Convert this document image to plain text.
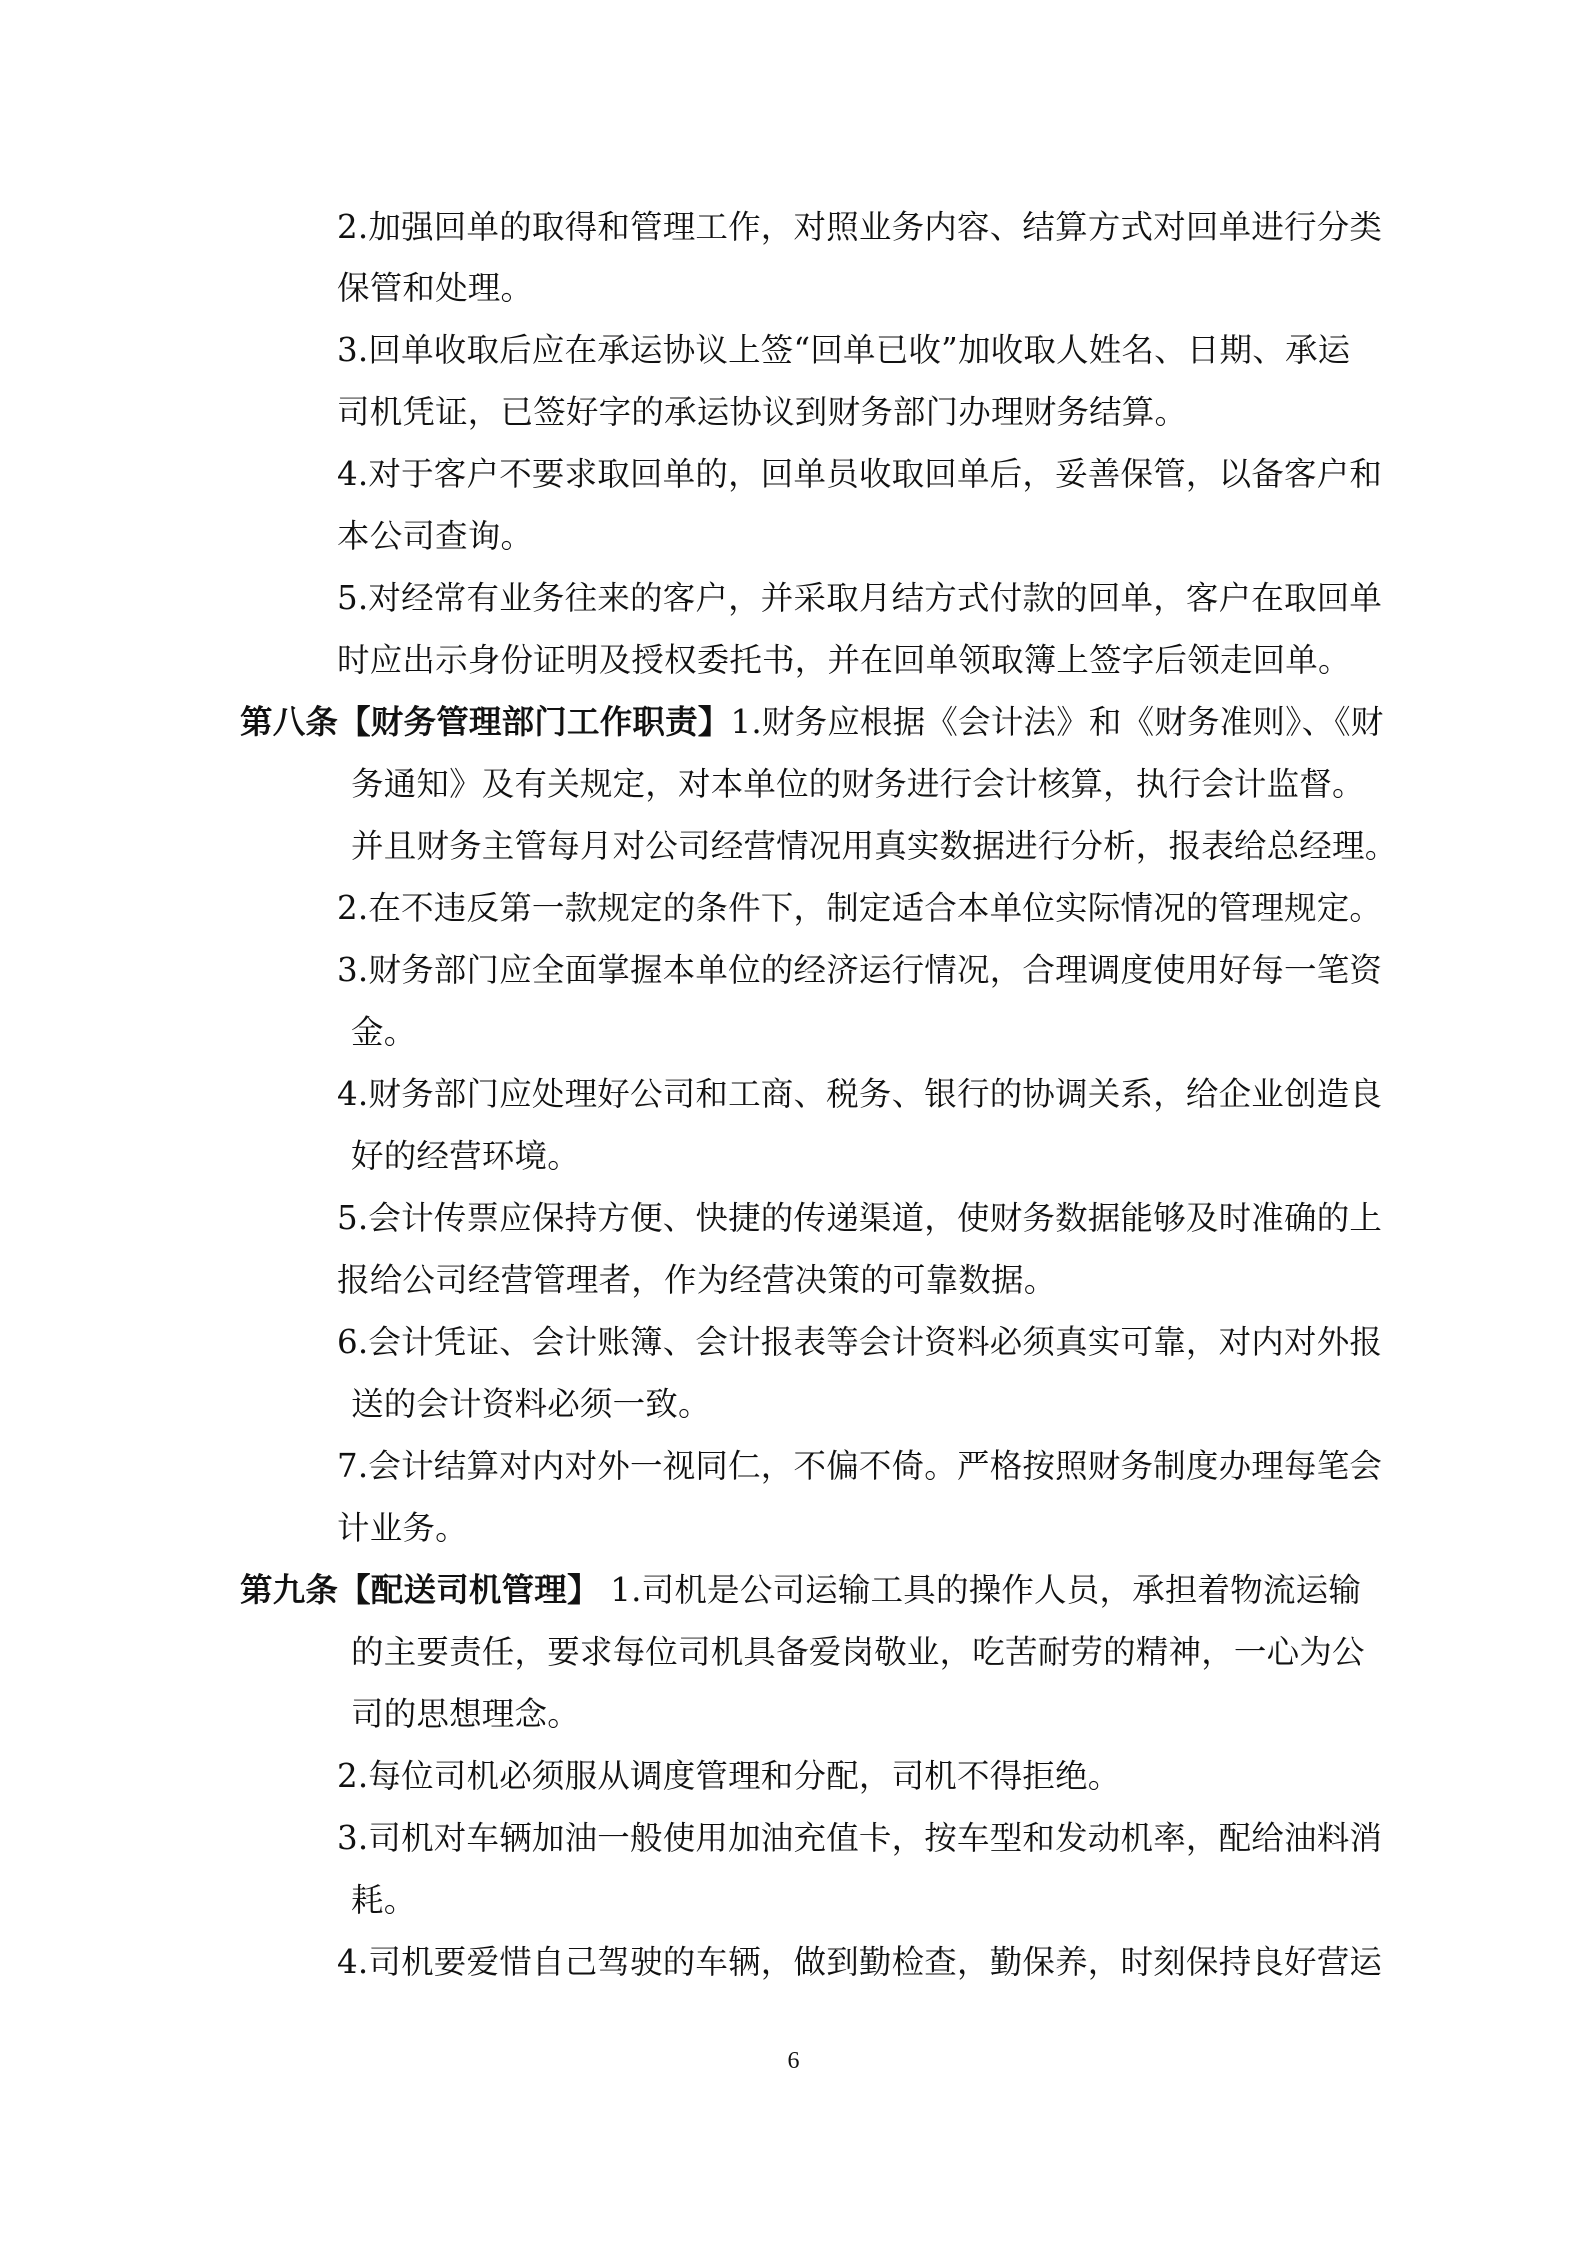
2.加强回单的取得和管理工作，对照业务内容、结算方式对回单进行分类
保管和处理。
3.回单收取后应在承运协议上签“回单已收”加收取人姓名、日期、承运
司机凭证，已签好字的承运协议到财务部门办理财务结算。
4.对于客户不要求取回单的，回单员收取回单后，妥善保管，以备客户和
本公司查询。
5.对经常有业务往来的客户，并采取月结方式付款的回单，客户在取回单
时应出示身份证明及授权委托书，并在回单领取簿上签字后领走回单。
第八条【财务管理部门工作职责】1.财务应根据《会计法》和《财务准则》、《财
务通知》及有关规定，对本单位的财务进行会计核算，执行会计监督。
并且财务主管每月对公司经营情况用真实数据进行分析，报表给总经理。
2.在不违反第一款规定的条件下，制定适合本单位实际情况的管理规定。
3.财务部门应全面掌握本单位的经济运行情况，合理调度使用好每一笔资
金。
4.财务部门应处理好公司和工商、税务、银行的协调关系，给企业创造良
好的经营环境。
5.会计传票应保持方便、快捷的传递渠道，使财务数据能够及时准确的上
报给公司经营管理者，作为经营决策的可靠数据。
6.会计凭证、会计账簿、会计报表等会计资料必须真实可靠，对内对外报
送的会计资料必须一致。
7.会计结算对内对外一视同仁，不偏不倚。严格按照财务制度办理每笔会
计业务。
第九条【配送司机管理】 1.司机是公司运输工具的操作人员，承担着物流运输
的主要责任，要求每位司机具备爱岗敬业，吃苦耐劳的精神，一心为公
司的思想理念。
2.每位司机必须服从调度管理和分配，司机不得拒绝。
3.司机对车辆加油一般使用加油充值卡，按车型和发动机率，配给油料消
耗。
4.司机要爱惜自己驾驶的车辆，做到勤检查，勤保养，时刻保持良好营运
6
